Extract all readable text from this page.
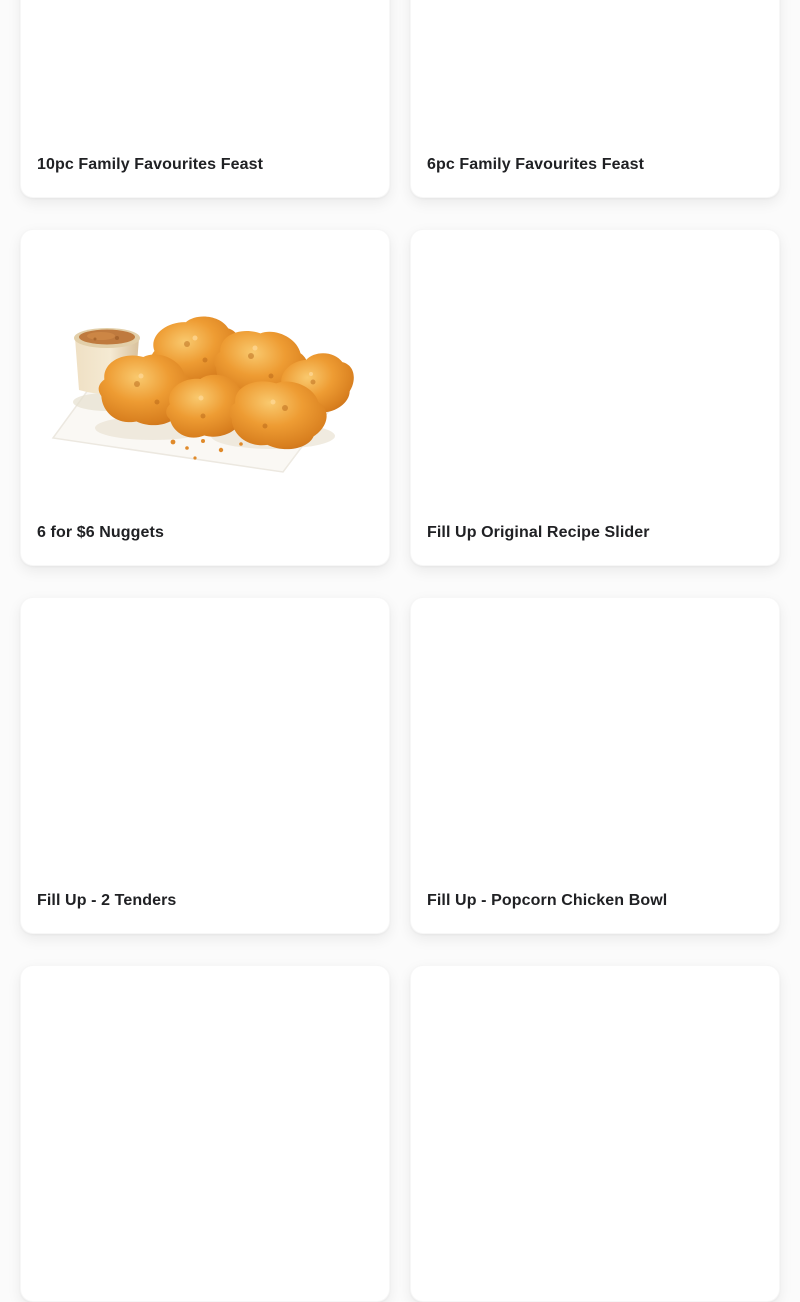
10pc Family Favourites Feast	6pc Family Favourites Feast
6 for $6 Nuggets	Fill Up Original Recipe Slider
Fill Up - 2 Tenders	Fill Up - Popcorn Chicken Bowl
